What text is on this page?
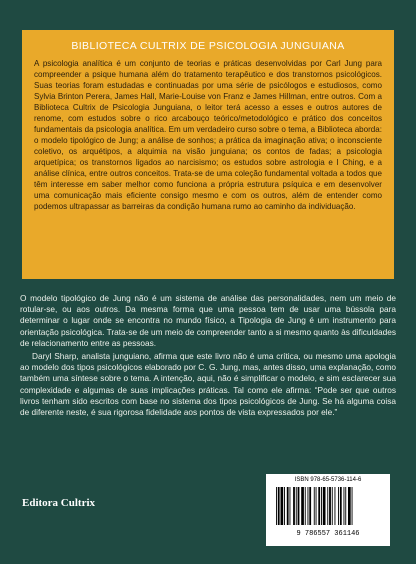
BIBLIOTECA CULTRIX DE PSICOLOGIA JUNGUIANA

A psicologia analítica é um conjunto de teorias e práticas desenvolvidas por Carl Jung para compreender a psique humana além do tratamento terapêutico e dos transtornos psicológicos. Suas teorias foram estudadas e continuadas por uma série de psicólogos e estudiosos, como Sylvia Brinton Perera, James Hall, Marie-Louise von Franz e James Hillman, entre outros. Com a Biblioteca Cultrix de Psicologia Junguiana, o leitor terá acesso a esses e outros autores de renome, com estudos sobre o rico arcabouço teórico/metodológico e prático dos conceitos fundamentais da psicologia analítica. Em um verdadeiro curso sobre o tema, a Biblioteca aborda: o modelo tipológico de Jung; a análise de sonhos; a prática da imaginação ativa; o inconsciente coletivo, os arquétipos, a alquimia na visão junguiana; os contos de fadas; a psicologia arquetípica; os transtornos ligados ao narcisismo; os estudos sobre astrologia e I Ching, e a análise clínica, entre outros conceitos. Trata-se de uma coleção fundamental voltada a todos que têm interesse em saber melhor como funciona a própria estrutura psíquica e em desenvolver uma comunicação mais eficiente consigo mesmo e com os outros, além de entender como podemos ultrapassar as barreiras da condição humana rumo ao caminho da individuação.

O modelo tipológico de Jung não é um sistema de análise das personalidades, nem um meio de rotular-se, ou aos outros. Da mesma forma que uma pessoa tem de usar uma bússola para determinar o lugar onde se encontra no mundo físico, a Tipologia de Jung é um instrumento para orientação psicológica. Trata-se de um meio de compreender tanto a si mesmo quanto às dificuldades de relacionamento entre as pessoas.

Daryl Sharp, analista junguiano, afirma que este livro não é uma crítica, ou mesmo uma apologia ao modelo dos tipos psicológicos elaborado por C. G. Jung, mas, antes disso, uma explanação, como também uma síntese sobre o tema. A intenção, aqui, não é simplificar o modelo, e sim esclarecer sua complexidade e algumas de suas implicações práticas. Tal como ele afirma: “Pode ser que outros livros tenham sido escritos com base no sistema dos tipos psicológicos de Jung. Se há alguma coisa de diferente neste, é sua rigorosa fidelidade aos pontos de vista expressados por ele.”

Editora Cultrix

ISBN 978-65-5736-114-6

9 786557 361146
